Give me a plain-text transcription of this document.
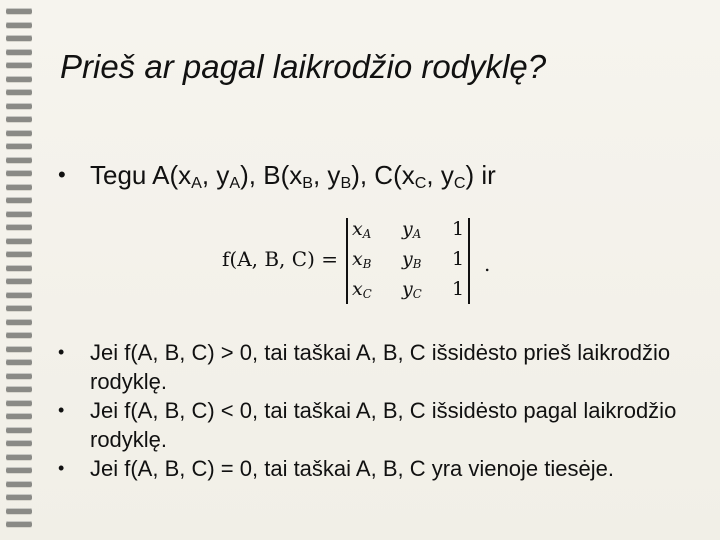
Prieš ar pagal laikrodžio rodyklę?
• Tegu $A(x_A$, $y_A$), $B(x_B$, $y_B$), $C(x_C$, $y_C$) ir
f(A, B, C) =
$x_A$ $y_A$ 1
$x_B$ $y_B$ 1
$x_C$ $y_C$ 1
.
• Jei f(A, B, C) > 0, tai taškai A, B, C išsidėsto prieš laikrodžio rodyklę.
• Jei f(A, B, C) < 0, tai taškai A, B, C išsidėsto pagal laikrodžio rodyklę.
• Jei f(A, B, C) = 0, tai taškai A, B, C yra vienoje tiesėje.
